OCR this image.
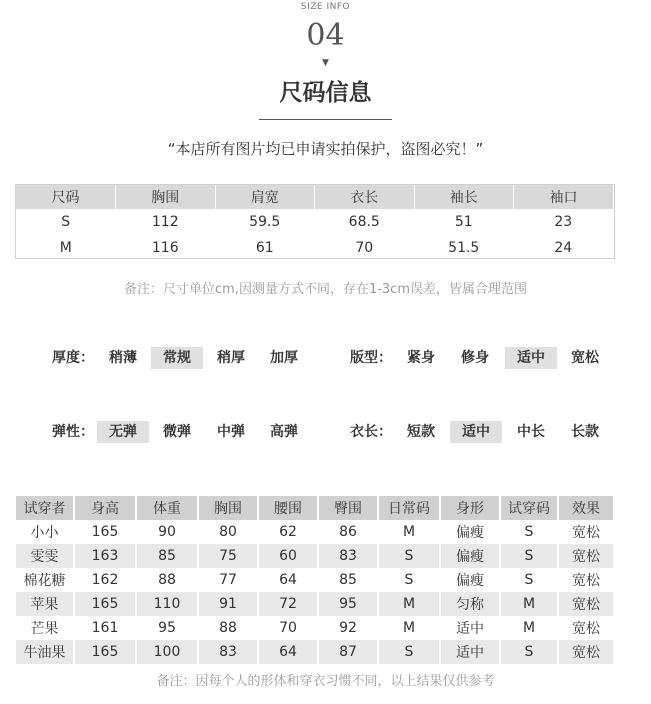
SIZE INFO
04
▼
尺码信息
“本店所有图片均已申请实拍保护，盗图必究！”
尺码	胸围	肩宽	衣长	袖长	袖口
S	112	59.5	68.5	51	23
M	116	61	70	51.5	24
备注：尺寸单位cm,因测量方式不同，存在1-3cm误差，皆属合理范围
厚度：	稍薄	常规	稍厚	加厚	版型：	紧身	修身	适中	宽松
弹性：	无弹	微弹	中弹	高弹	衣长：	短款	适中	中长	长款
试穿者	身高	体重	胸围	腰围	臀围	日常码	身形	试穿码	效果
小小	165	90	80	62	86	M	偏瘦	S	宽松
雯雯	163	85	75	60	83	S	偏瘦	S	宽松
棉花糖	162	88	77	64	85	S	偏瘦	S	宽松
苹果	165	110	91	72	95	M	匀称	M	宽松
芒果	161	95	88	70	92	M	适中	M	宽松
牛油果	165	100	83	64	87	S	适中	S	宽松
备注：因每个人的形体和穿衣习惯不同，以上结果仅供参考
